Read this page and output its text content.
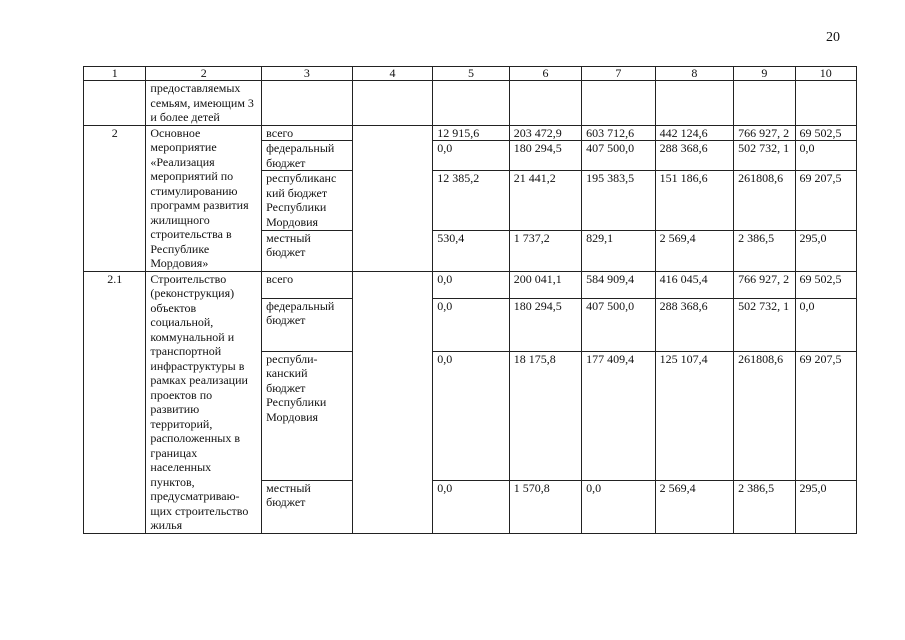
20
1	2	3	4	5	6	7	8	9	10
	предоставляемых семьям, имеющим 3 и более детей								
2	Основное мероприятие «Реализация мероприятий по стимулированию программ развития жилищного строительства в Республике Мордовия»	всего		12 915,6	203 472,9	603 712,6	442 124,6	766 927, 2	69 502,5
		федеральный бюджет		0,0	180 294,5	407 500,0	288 368,6	502 732, 1	0,0
		республиканс кий бюджет Республики Мордовия		12 385,2	21 441,2	195 383,5	151 186,6	261808,6	69 207,5
		местный бюджет		530,4	1 737,2	829,1	2 569,4	2 386,5	295,0
2.1	Строительство (реконструкция) объектов социальной, коммунальной и транспортной инфраструктуры в рамках реализации проектов по развитию территорий, расположенных в границах населенных пунктов, предусматриваю- щих строительство жилья	всего		0,0	200 041,1	584 909,4	416 045,4	766 927, 2	69 502,5
		федеральный бюджет		0,0	180 294,5	407 500,0	288 368,6	502 732, 1	0,0
		республи- канский бюджет Республики Мордовия		0,0	18 175,8	177 409,4	125 107,4	261808,6	69 207,5
		местный бюджет		0,0	1 570,8	0,0	2 569,4	2 386,5	295,0
